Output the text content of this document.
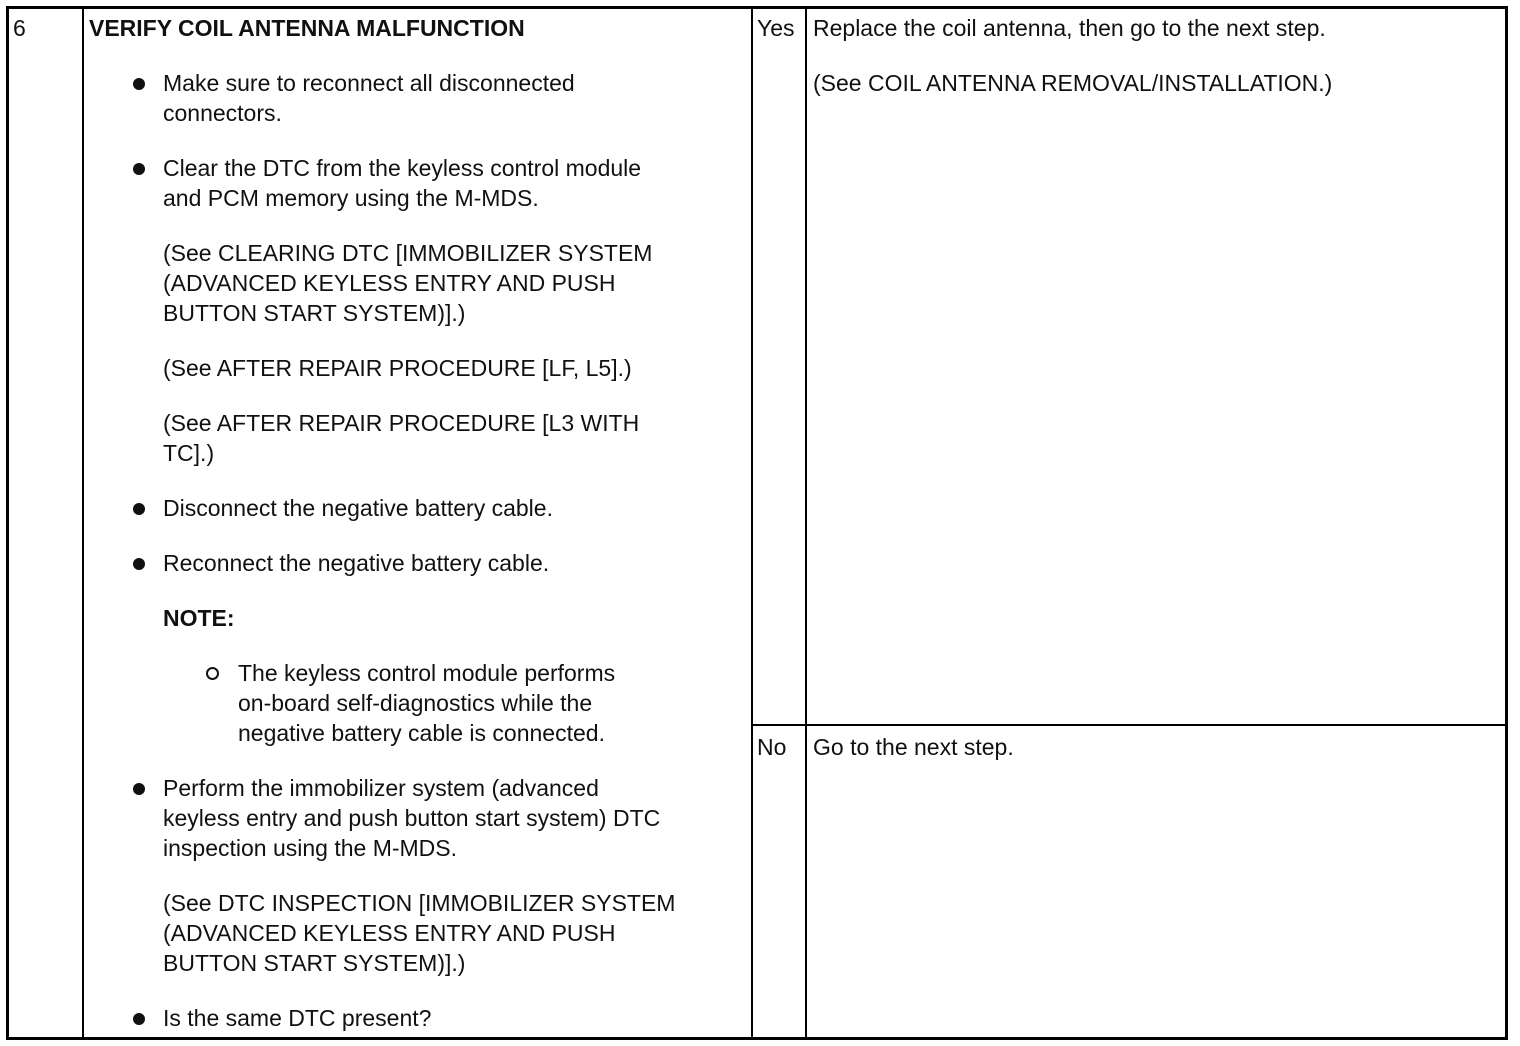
6	VERIFY COIL ANTENNA MALFUNCTION
Make sure to reconnect all disconnected
connectors.
Clear the DTC from the keyless control module
and PCM memory using the M-MDS.
(See CLEARING DTC [IMMOBILIZER SYSTEM
(ADVANCED KEYLESS ENTRY AND PUSH
BUTTON START SYSTEM)].)
(See AFTER REPAIR PROCEDURE [LF, L5].)
(See AFTER REPAIR PROCEDURE [L3 WITH
TC].)
Disconnect the negative battery cable.
Reconnect the negative battery cable.
NOTE:
The keyless control module performs
on-board self-diagnostics while the
negative battery cable is connected.
Perform the immobilizer system (advanced
keyless entry and push button start system) DTC
inspection using the M-MDS.
(See DTC INSPECTION [IMMOBILIZER SYSTEM
(ADVANCED KEYLESS ENTRY AND PUSH
BUTTON START SYSTEM)].)
Is the same DTC present?
Yes Replace the coil antenna, then go to the next step.
(See COIL ANTENNA REMOVAL/INSTALLATION.)
No Go to the next step.
